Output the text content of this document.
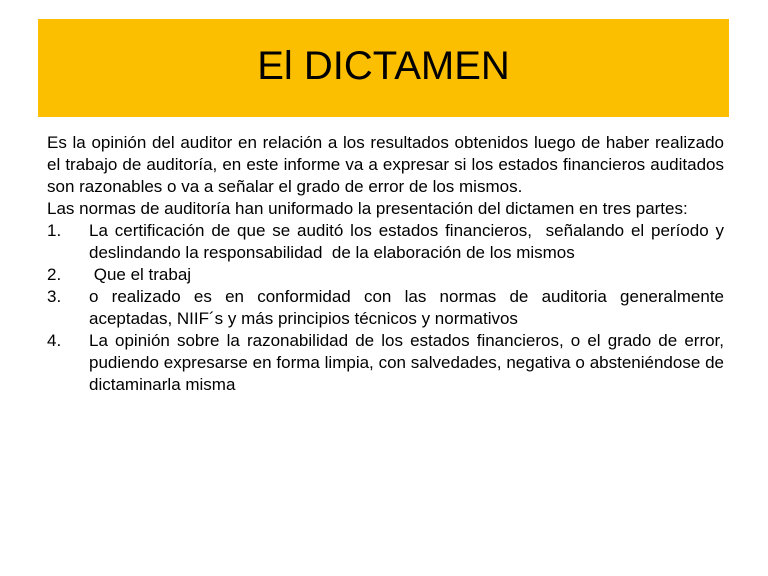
El DICTAMEN

Es la opinión del auditor en relación a los resultados obtenidos luego de haber realizado el trabajo de auditoría, en este informe va a expresar si los estados financieros auditados son razonables o va a señalar el grado de error de los mismos.

Las normas de auditoría han uniformado la presentación del dictamen en tres partes:

1.	La certificación de que se auditó los estados financieros,  señalando el período y deslindando la responsabilidad  de la elaboración de los mismos
2.	Que el trabaj
3.	o realizado es en conformidad con las normas de auditoria generalmente aceptadas, NIIF´s y más principios técnicos y normativos
4.	La opinión sobre la razonabilidad de los estados financieros, o el grado de error, pudiendo expresarse en forma limpia, con salvedades, negativa o absteniéndose de dictaminarla misma
